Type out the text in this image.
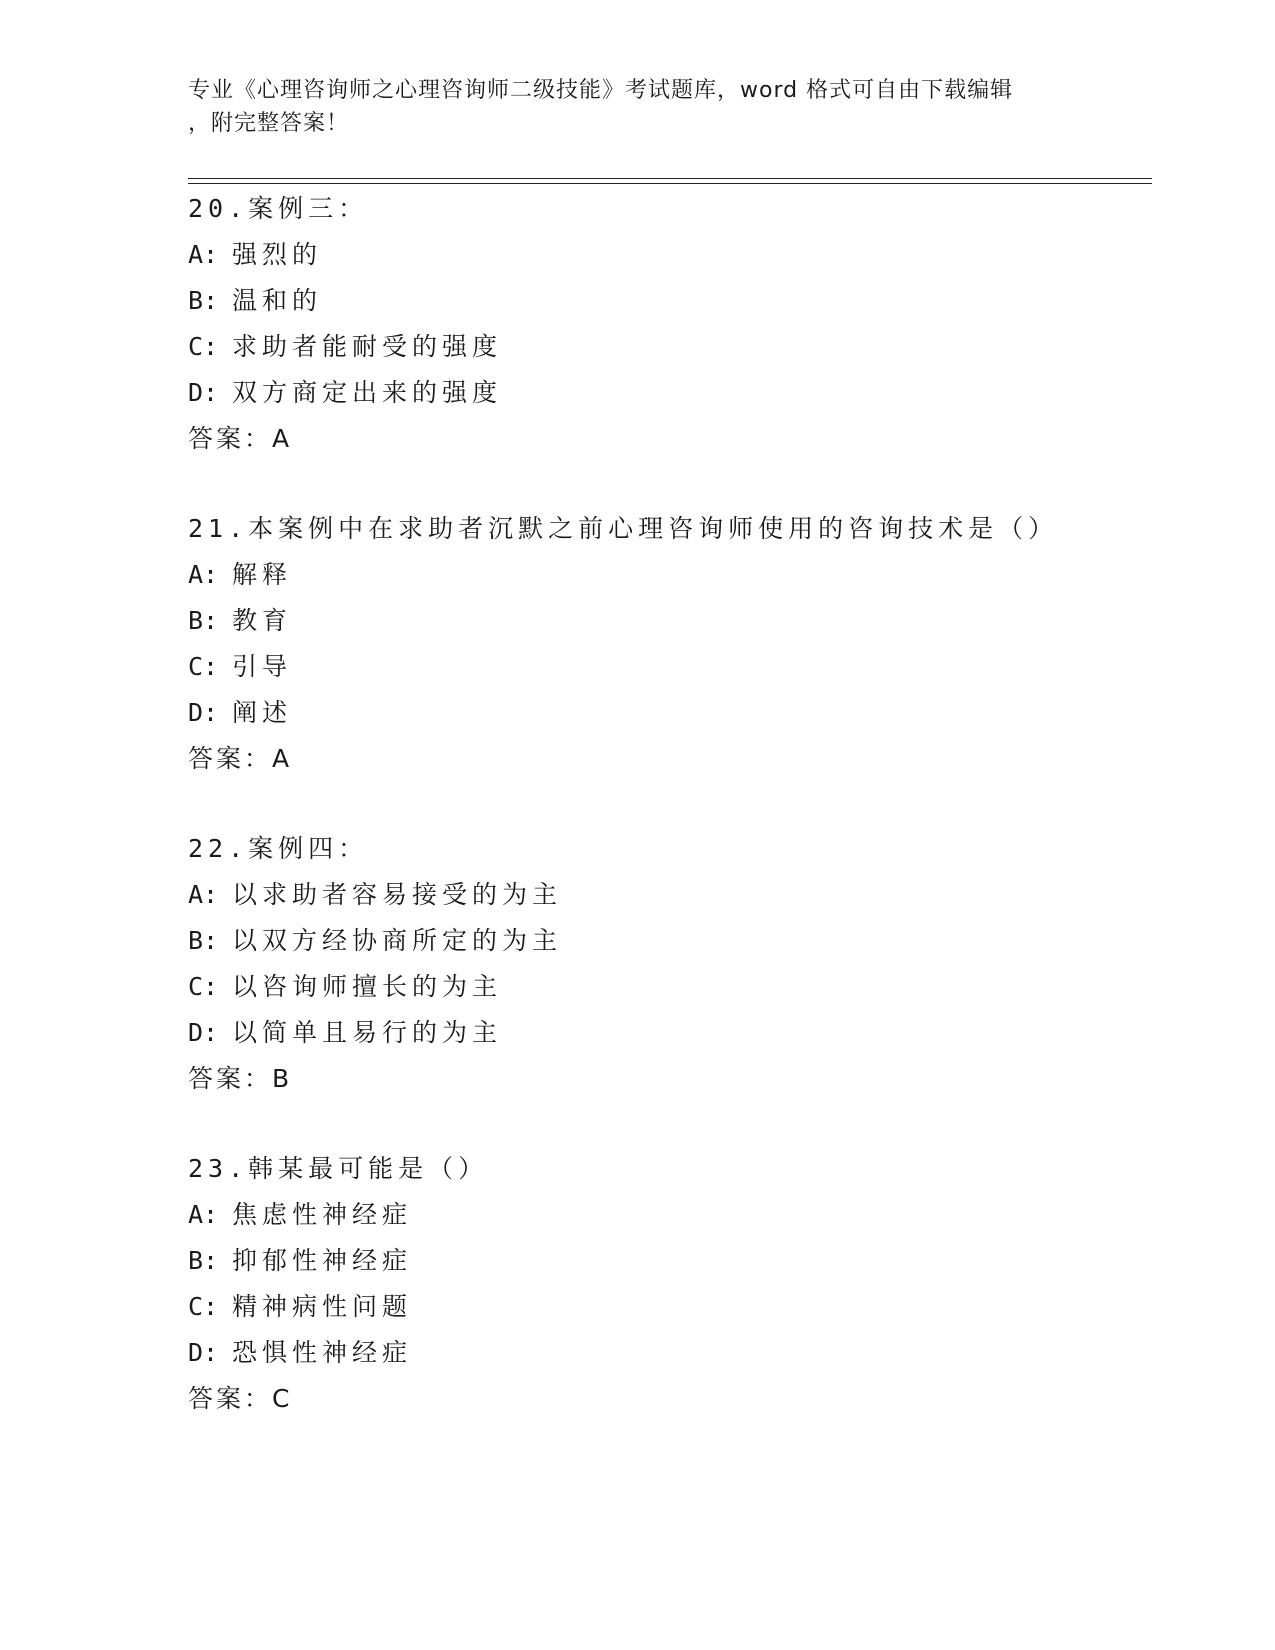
专业《心理咨询师之心理咨询师二级技能》考试题库，word 格式可自由下载编辑
，附完整答案！
20.案例三：
A: 强烈的
B: 温和的
C: 求助者能耐受的强度
D: 双方商定出来的强度
答案：A
21.本案例中在求助者沉默之前心理咨询师使用的咨询技术是（）
A: 解释
B: 教育
C: 引导
D: 阐述
答案：A
22.案例四：
A: 以求助者容易接受的为主
B: 以双方经协商所定的为主
C: 以咨询师擅长的为主
D: 以简单且易行的为主
答案：B
23.韩某最可能是（）
A: 焦虑性神经症
B: 抑郁性神经症
C: 精神病性问题
D: 恐惧性神经症
答案：C
